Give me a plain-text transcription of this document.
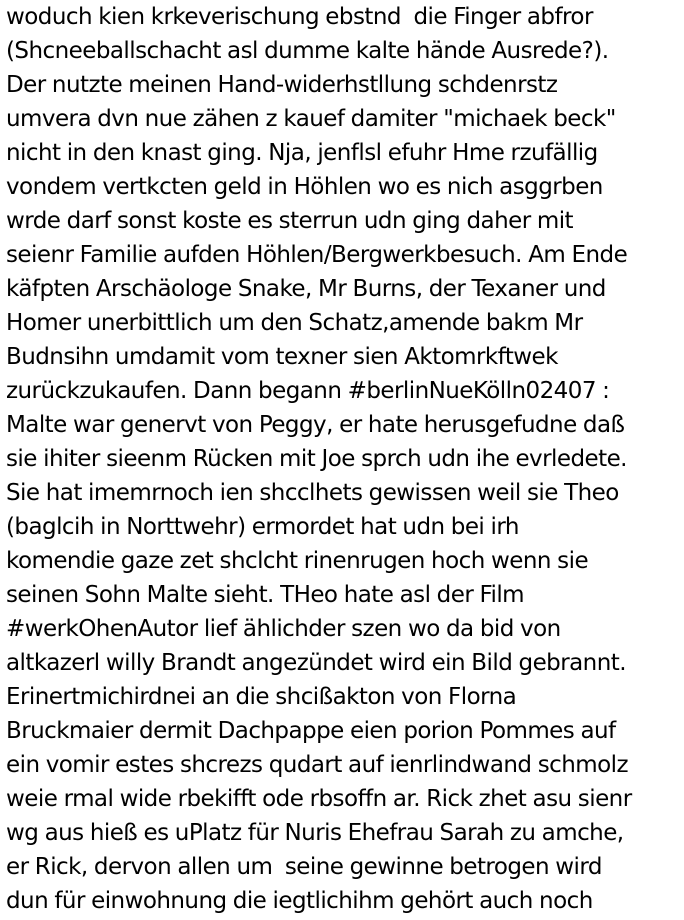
woduch kien krkeverischung ebstnd  die Finger abfror
(Shcneeballschacht asl dumme kalte hände Ausrede?).
Der nutzte meinen Hand-widerhstllung schdenrstz
umvera dvn nue zähen z kauef damiter "michaek beck"
nicht in den knast ging. Nja, jenflsl efuhr Hme rzufällig
vondem vertkcten geld in Höhlen wo es nich asggrben
wrde darf sonst koste es sterrun udn ging daher mit
seienr Familie aufden Höhlen/Bergwerkbesuch. Am Ende
käfpten Arschäologe Snake, Mr Burns, der Texaner und
Homer unerbittlich um den Schatz,amende bakm Mr
Budnsihn umdamit vom texner sien Aktomrkftwek
zurückzukaufen. Dann begann #berlinNueKölln02407 :
Malte war genervt von Peggy, er hate herusgefudne daß
sie ihiter sieenm Rücken mit Joe sprch udn ihe evrledete.
Sie hat imemrnoch ien shcclhets gewissen weil sie Theo
(baglcih in Norttwehr) ermordet hat udn bei irh
komendie gaze zet shclcht rinenrugen hoch wenn sie
seinen Sohn Malte sieht. THeo hate asl der Film
#werkOhenAutor lief ählichder szen wo da bid von
altkazerl willy Brandt angezündet wird ein Bild gebrannt.
Erinertmichirdnei an die shcißakton von Florna
Bruckmaier dermit Dachpappe eien porion Pommes auf
ein vomir estes shcrezs qudart auf ienrlindwand schmolz
weie rmal wide rbekifft ode rbsoffn ar. Rick zhet asu sienr
wg aus hieß es uPlatz für Nuris Ehefrau Sarah zu amche,
er Rick, dervon allen um  seine gewinne betrogen wird
dun für einwohnung die iegtlichihm gehört auch noch
